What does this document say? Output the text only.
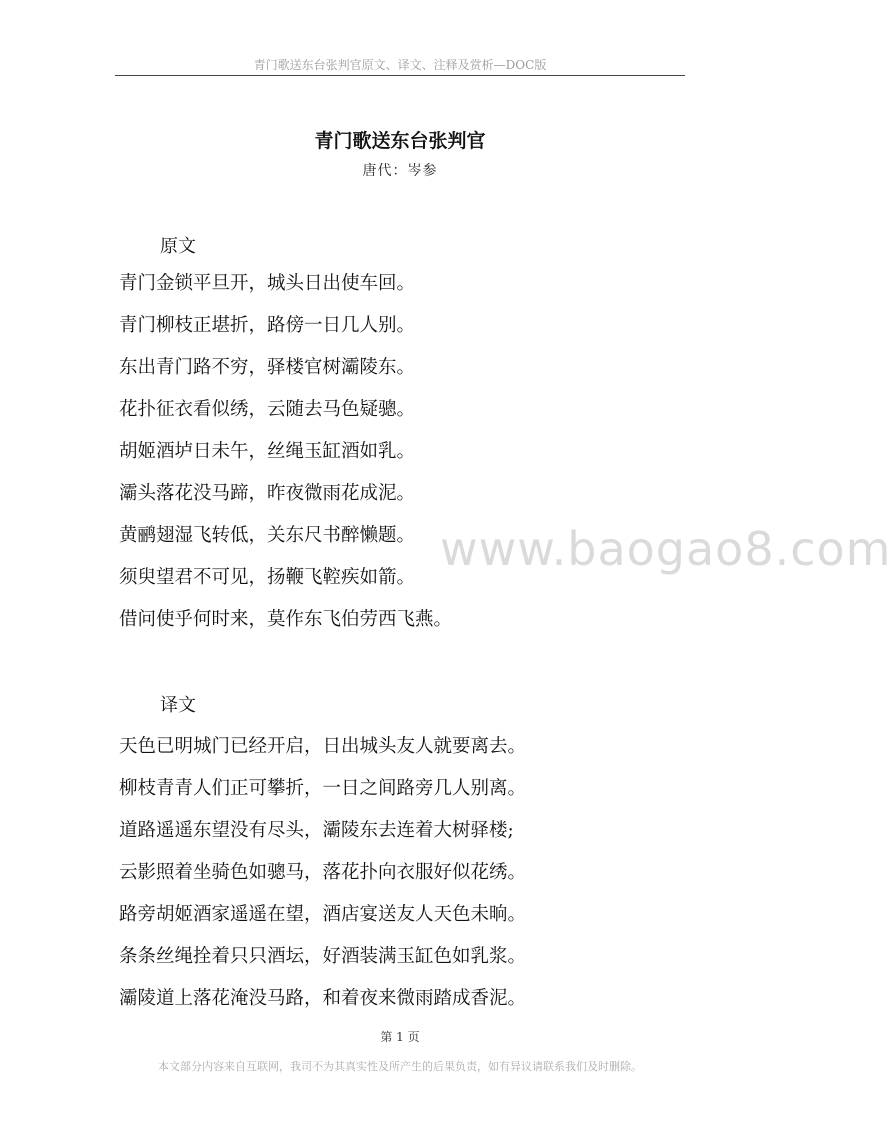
青门歌送东台张判官原文、译文、注释及赏析—DOC版
青门歌送东台张判官
唐代：岑参
原文
青门金锁平旦开，城头日出使车回。
青门柳枝正堪折，路傍一日几人别。
东出青门路不穷，驿楼官树灞陵东。
花扑征衣看似绣，云随去马色疑骢。
胡姬酒垆日未午，丝绳玉缸酒如乳。
灞头落花没马蹄，昨夜微雨花成泥。
黄鹂翅湿飞转低，关东尺书醉懒题。
须臾望君不可见，扬鞭飞鞚疾如箭。
借问使乎何时来，莫作东飞伯劳西飞燕。
www.baogao8.com
译文
天色已明城门已经开启，日出城头友人就要离去。
柳枝青青人们正可攀折，一日之间路旁几人别离。
道路遥遥东望没有尽头，灞陵东去连着大树驿楼;
云影照着坐骑色如骢马，落花扑向衣服好似花绣。
路旁胡姬酒家遥遥在望，酒店宴送友人天色未晌。
条条丝绳拴着只只酒坛，好酒装满玉缸色如乳浆。
灞陵道上落花淹没马路，和着夜来微雨踏成香泥。
第 1 页
本文部分内容来自互联网，我司不为其真实性及所产生的后果负责，如有异议请联系我们及时删除。
